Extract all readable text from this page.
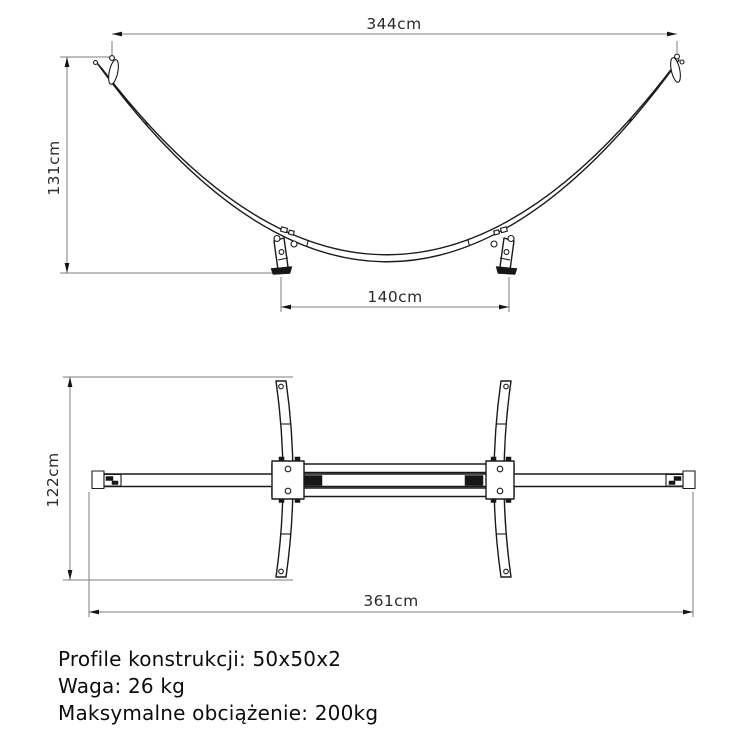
344cm
131cm
140cm
122cm
361cm
Profile konstrukcji: 50x50x2
Waga: 26 kg
Maksymalne obciążenie: 200kg
